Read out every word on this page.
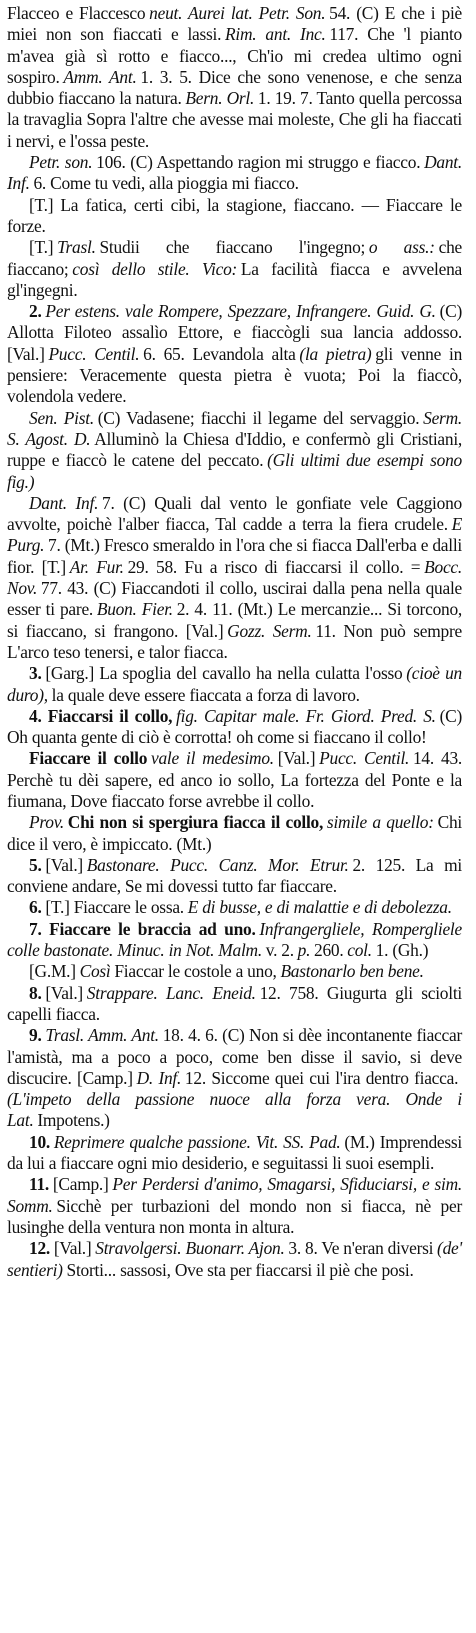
Flacceo e Flaccesco neut. Aurei lat. Petr. Son. 54. (C) E che i piè miei non son fiaccati e lassi. Rim. ant. Inc. 117. Che 'l pianto m'avea già sì rotto e fiacco..., Ch'io mi credea ultimo ogni sospiro. Amm. Ant. 1. 3. 5. Dice che sono venenose, e che senza dubbio fiaccano la natura. Bern. Orl. 1. 19. 7. Tanto quella percossa la travaglia Sopra l'altre che avesse mai moleste, Che gli ha fiaccati i nervi, e l'ossa peste.

Petr. son. 106. (C) Aspettando ragion mi struggo e fiacco. Dant. Inf. 6. Come tu vedi, alla pioggia mi fiacco.

[T.] La fatica, certi cibi, la stagione, fiaccano. — Fiaccare le forze.

[T.] Trasl. Studii che fiaccano l'ingegno; o ass.: che fiaccano; così dello stile. Vico: La facilità fiacca e avvelena gl'ingegni.

2. Per estens. vale Rompere, Spezzare, Infrangere. Guid. G. (C) Allotta Filoteo assalìo Ettore, e fiaccògli sua lancia addosso. [Val.] Pucc. Centil. 6. 65. Levandola alta (la pietra) gli venne in pensiere: Veracemente questa pietra è vuota; Poi la fiaccò, volendola vedere.

Sen. Pist. (C) Vadasene; fiacchi il legame del servaggio. Serm. S. Agost. D. Alluminò la Chiesa d'Iddio, e confermò gli Cristiani, ruppe e fiaccò le catene del peccato. (Gli ultimi due esempi sono fig.)

Dant. Inf. 7. (C) Quali dal vento le gonfiate vele Caggiono avvolte, poichè l'alber fiacca, Tal cadde a terra la fiera crudele. E Purg. 7. (Mt.) Fresco smeraldo in l'ora che si fiacca Dall'erba e dalli fior. [T.] Ar. Fur. 29. 58. Fu a risco di fiaccarsi il collo. = Bocc. Nov. 77. 43. (C) Fiaccandoti il collo, uscirai dalla pena nella quale esser ti pare. Buon. Fier. 2. 4. 11. (Mt.) Le mercanzie... Si torcono, si fiaccano, si frangono. [Val.] Gozz. Serm. 11. Non può sempre L'arco teso tenersi, e talor fiacca.

3. [Garg.] La spoglia del cavallo ha nella culatta l'osso (cioè un duro), la quale deve essere fiaccata a forza di lavoro.

4. Fiaccarsi il collo, fig. Capitar male. Fr. Giord. Pred. S. (C) Oh quanta gente di ciò è corrotta! oh come si fiaccano il collo!

Fiaccare il collo vale il medesimo. [Val.] Pucc. Centil. 14. 43. Perchè tu dèi sapere, ed anco io sollo, La fortezza del Ponte e la fiumana, Dove fiaccato forse avrebbe il collo.

Prov. Chi non si spergiura fiacca il collo, simile a quello: Chi dice il vero, è impiccato. (Mt.)

5. [Val.] Bastonare. Pucc. Canz. Mor. Etrur. 2. 125. La mi conviene andare, Se mi dovessi tutto far fiaccare.

6. [T.] Fiaccare le ossa. E di busse, e di malattie e di debolezza.

7. Fiaccare le braccia ad uno. Infrangergliele, Romperglielе colle bastonate. Minuc. in Not. Malm. v. 2. p. 260. col. 1. (Gh.)

[G.M.] Così Fiaccar le costole a uno, Bastonarlo ben bene.

8. [Val.] Strappare. Lanc. Eneid. 12. 758. Giugurta gli sciolti capelli fiacca.

9. Trasl. Amm. Ant. 18. 4. 6. (C) Non si dèe incontanente fiaccar l'amistà, ma a poco a poco, come ben disse il savio, si deve discucire. [Camp.] D. Inf. 12. Siccome quei cui l'ira dentro fiacca.(L'impeto della passione nuoce alla forza vera. Onde i Lat. Impotens.)

10. Reprimere qualche passione. Vit. SS. Pad. (M.) Imprendessi da lui a fiaccare ogni mio desiderio, e seguitassi li suoi esempli.

11. [Camp.] Per Perdersi d'animo, Smagarsi, Sfiduciarsi, e sim. Somm. Sicchè per turbazioni del mondo non si fiacca, nè per lusinghe della ventura non monta in altura.

12. [Val.] Stravolgersi. Buonarr. Ajon. 3. 8. Ve n'eran diversi (de' sentieri) Storti... sassosi, Ove sta per fiaccarsi il piè che posi.
